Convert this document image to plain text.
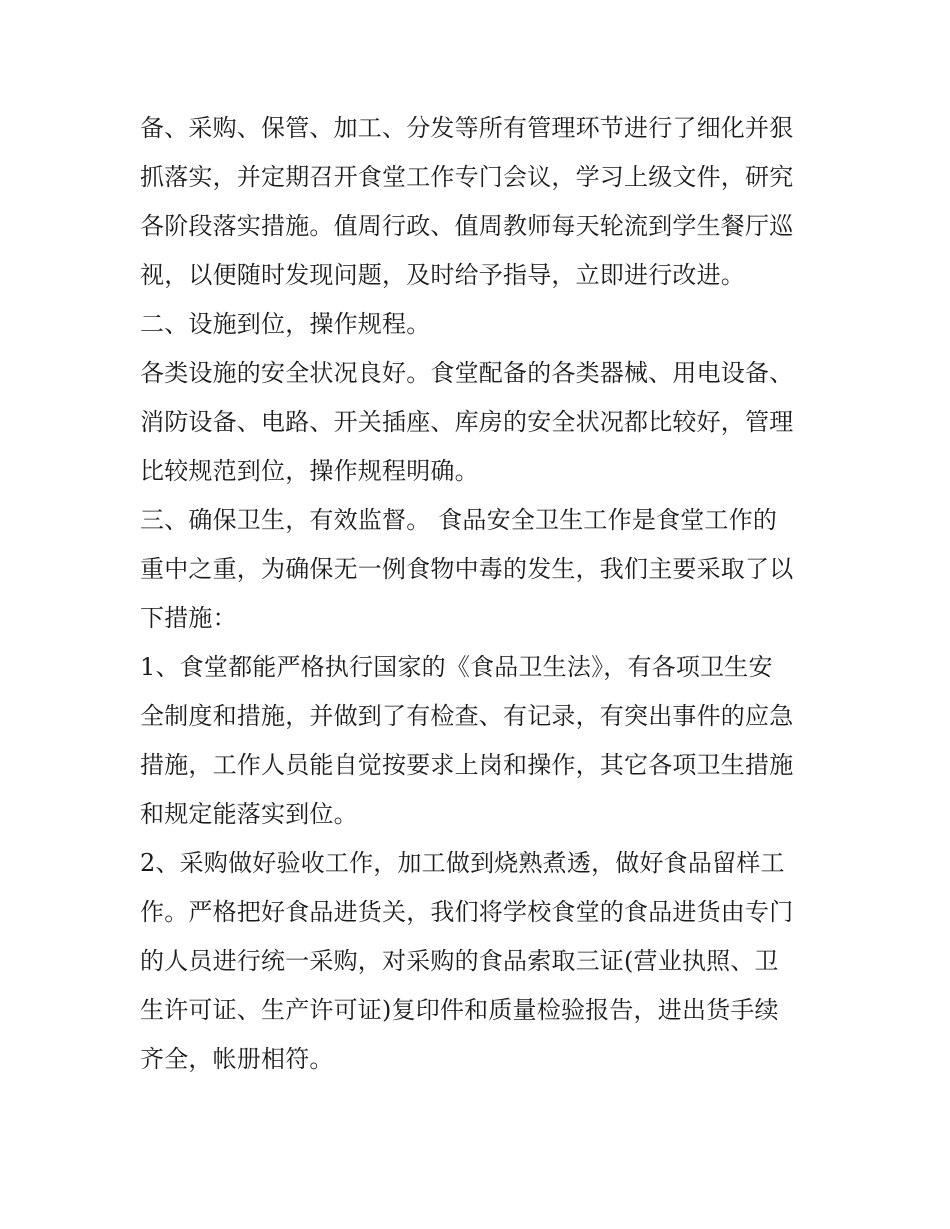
备、采购、保管、加工、分发等所有管理环节进行了细化并狠
抓落实，并定期召开食堂工作专门会议，学习上级文件，研究
各阶段落实措施。值周行政、值周教师每天轮流到学生餐厅巡
视，以便随时发现问题，及时给予指导，立即进行改进。
二、设施到位，操作规程。
各类设施的安全状况良好。食堂配备的各类器械、用电设备、
消防设备、电路、开关插座、库房的安全状况都比较好，管理
比较规范到位，操作规程明确。
三、确保卫生，有效监督。 食品安全卫生工作是食堂工作的
重中之重，为确保无一例食物中毒的发生，我们主要采取了以
下措施：
1、食堂都能严格执行国家的《食品卫生法》，有各项卫生安
全制度和措施，并做到了有检查、有记录，有突出事件的应急
措施，工作人员能自觉按要求上岗和操作，其它各项卫生措施
和规定能落实到位。
2、采购做好验收工作，加工做到烧熟煮透，做好食品留样工
作。严格把好食品进货关，我们将学校食堂的食品进货由专门
的人员进行统一采购，对采购的食品索取三证(营业执照、卫
生许可证、生产许可证)复印件和质量检验报告，进出货手续
齐全，帐册相符。
